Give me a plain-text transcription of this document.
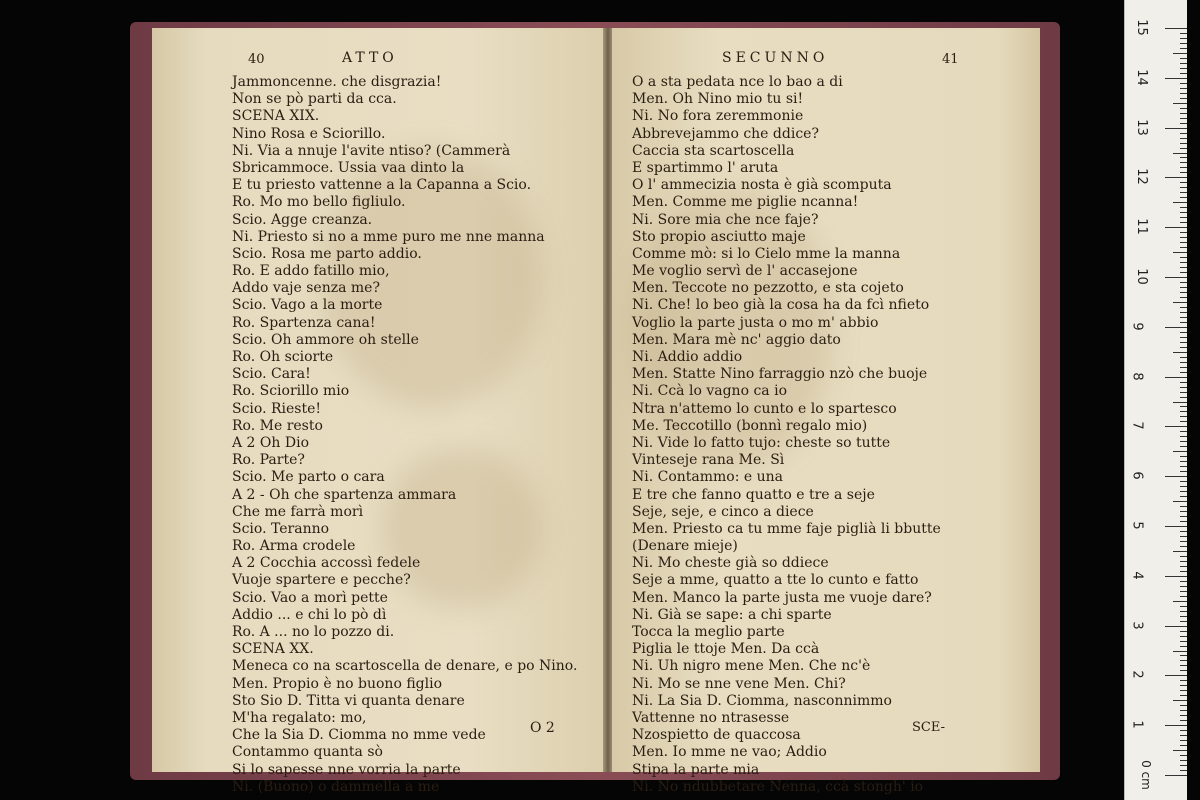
40	ATTO
Jammoncenne. che disgrazia!
Non se pò parti da cca.
SCENA XIX.
Nino Rosa e Sciorillo.
Ni. Via a nnuje l'avite ntiso? (Cammerà
Sbricammoce. Ussia vaa dinto la
E tu priesto vattenne a la Capanna a Scio.
Ro. Mo mo bello figliulo.
Scio. Agge creanza.
Ni. Priesto si no a mme puro me nne manna
Scio. Rosa me parto addio.
Ro. E addo fatillo mio,
Addo vaje senza me?
Scio. Vago a la morte
Ro. Spartenza cana!
Scio. Oh ammore oh stelle
Ro. Oh sciorte
Scio. Cara!
Ro. Sciorillo mio
Scio. Rieste!
Ro. Me resto
A 2 Oh Dio
Ro. Parte?
Scio. Me parto o cara
A 2 - Oh che spartenza ammara
Che me farrà morì
Scio. Teranno
Ro. Arma crodele
A 2 Cocchia accossì fedele
Vuoje spartere e pecche?
Scio. Vao a morì pette
Addio ... e chi lo pò dì
Ro. A ... no lo pozzo di.
SCENA XX.
Meneca co na scartoscella de denare, e po Nino.
Men. Propio è no buono figlio
Sto Sio D. Titta vi quanta denare
M'ha regalato: mo,
Che la Sia D. Ciomma no mme vede
Contammo quanta sò
Si lo sapesse nne vorria la parte
Ni. (Buono) o dammella a me
O 2
SECUNNO	41
O a sta pedata nce lo bao a di
Men. Oh Nino mio tu si!
Ni. No fora zeremmonie
Abbrevejammo che ddice?
Caccia sta scartoscella
E spartimmo l' aruta
O l' ammecizia nosta è già scomputa
Men. Comme me piglie ncanna!
Ni. Sore mia che nce faje?
Sto propio asciutto maje
Comme mò: si lo Cielo mme la manna
Me voglio servì de l' accasejone
Men. Teccote no pezzotto, e sta cojeto
Ni. Che! lo beo già la cosa ha da fcì nfieto
Voglio la parte justa o mo m' abbio
Men. Mara mè nc' aggio dato
Ni. Addio addio
Men. Statte Nino farraggio nzò che buoje
Ni. Ccà lo vagno ca io
Ntra n'attemo lo cunto e lo spartesco
Me. Teccotillo (bonnì regalo mio)
Ni. Vide lo fatto tujo: cheste so tutte
Vinteseje rana Me. Sì
Ni. Contammo: e una
E tre che fanno quatto e tre a seje
Seje, seje, e cinco a diece
Men. Priesto ca tu mme faje piglià li bbutte
(Denare mieje)
Ni. Mo cheste già so ddiece
Seje a mme, quatto a tte lo cunto e fatto
Men. Manco la parte justa me vuoje dare?
Ni. Già se sape: a chi sparte
Tocca la meglio parte
Piglia le ttoje Men. Da ccà
Ni. Uh nigro mene Men. Che nc'è
Ni. Mo se nne vene Men. Chi?
Ni. La Sia D. Ciomma, nasconnimmo
Vattenne no ntrasesse
Nzospietto de quaccosa
Men. Io mme ne vao; Addio
Stipa la parte mia
Ni. No ndubbetare Nenna, ccà stongh' io
SCE-
0 cm
1
2
3
4
5
6
7
8
9
10
11
12
13
14
15
